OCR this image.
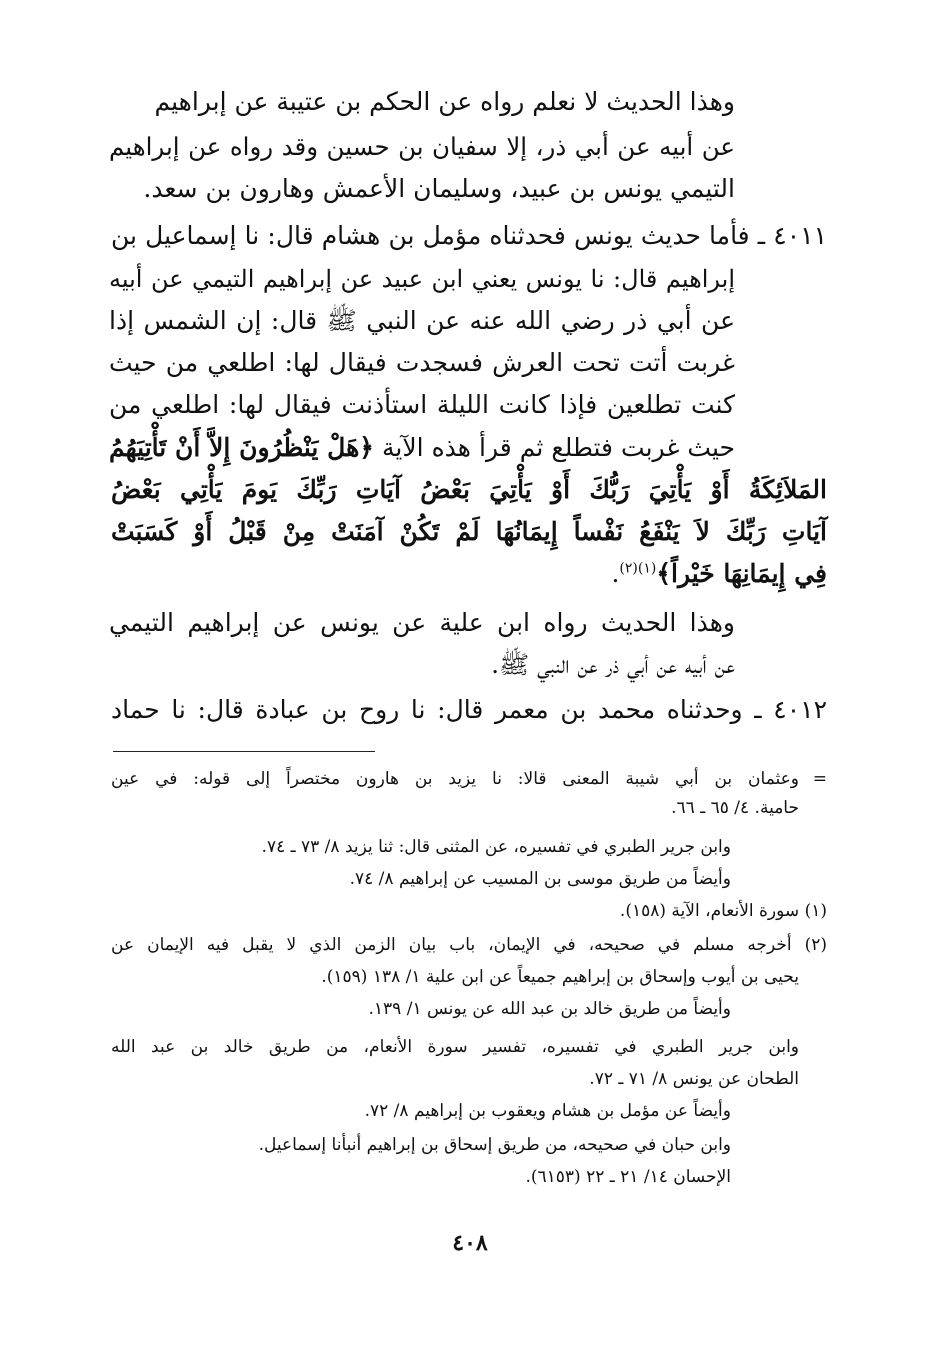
وهذا الحديث لا نعلم رواه عن الحكم بن عتيبة عن إبراهيم
عن أبيه عن أبي ذر، إلا سفيان بن حسين وقد رواه عن إبراهيم
التيمي يونس بن عبيد، وسليمان الأعمش وهارون بن سعد.
٤٠١١ ـ فأما حديث يونس فحدثناه مؤمل بن هشام قال: نا إسماعيل بن
إبراهيم قال: نا يونس يعني ابن عبيد عن إبراهيم التيمي عن أبيه
عن أبي ذر رضي الله عنه عن النبي ﷺ قال: إن الشمس إذا
غربت أتت تحت العرش فسجدت فيقال لها: اطلعي من حيث
كنت تطلعين فإذا كانت الليلة استأذنت فيقال لها: اطلعي من
حيث غربت فتطلع ثم قرأ هذه الآية ﴿هَلْ يَنْظُرُونَ إِلاَّ أَنْ تَأْتِيَهُمُ
المَلاَئِكَةُ أَوْ يَأْتِيَ رَبُّكَ أَوْ يَأْتِيَ بَعْضُ آيَاتِ رَبِّكَ يَومَ يَأْتِي بَعْضُ
آيَاتِ رَبِّكَ لاَ يَنْفَعُ نَفْساً إِيمَانُهَا لَمْ تَكُنْ آمَنَتْ مِنْ قَبْلُ أَوْ كَسَبَتْ
فِي إِيمَانِهَا خَيْراً﴾$^{(١)(٢)}$.
وهذا الحديث رواه ابن علية عن يونس عن إبراهيم التيمي
عن أبيه عن أبي ذر عن النبي ﷺ.
٤٠١٢ ـ وحدثناه محمد بن معمر قال: نا روح بن عبادة قال: نا حماد
=
وعثمان بن أبي شيبة المعنى قالا: نا يزيد بن هارون مختصراً إلى قوله: في عين
حامية. ٤/ ٦٥ ـ ٦٦.
وابن جرير الطبري في تفسيره، عن المثنى قال: ثنا يزيد ٨/ ٧٣ ـ ٧٤.
وأيضاً من طريق موسى بن المسيب عن إبراهيم ٨/ ٧٤.
(١) سورة الأنعام، الآية (١٥٨).
(٢) أخرجه مسلم في صحيحه، في الإيمان، باب بيان الزمن الذي لا يقبل فيه الإيمان عن
يحيى بن أيوب وإسحاق بن إبراهيم جميعاً عن ابن علية ١/ ١٣٨ (١٥٩).
وأيضاً من طريق خالد بن عبد الله عن يونس ١/ ١٣٩.
وابن جرير الطبري في تفسيره، تفسير سورة الأنعام، من طريق خالد بن عبد الله
الطحان عن يونس ٨/ ٧١ ـ ٧٢.
وأيضاً عن مؤمل بن هشام ويعقوب بن إبراهيم ٨/ ٧٢.
وابن حبان في صحيحه، من طريق إسحاق بن إبراهيم أنبأنا إسماعيل.
الإحسان ١٤/ ٢١ ـ ٢٢ (٦١٥٣).
٤٠٨
